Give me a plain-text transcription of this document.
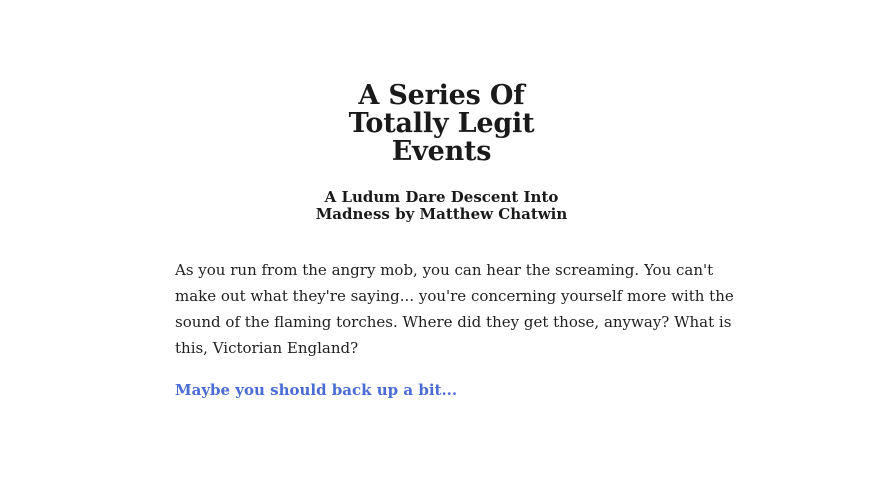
A Series Of
Totally Legit
Events
A Ludum Dare Descent Into
Madness by Matthew Chatwin

As you run from the angry mob, you can hear the screaming. You can't
make out what they're saying... you're concerning yourself more with the
sound of the flaming torches. Where did they get those, anyway? What is
this, Victorian England?

Maybe you should back up a bit...
